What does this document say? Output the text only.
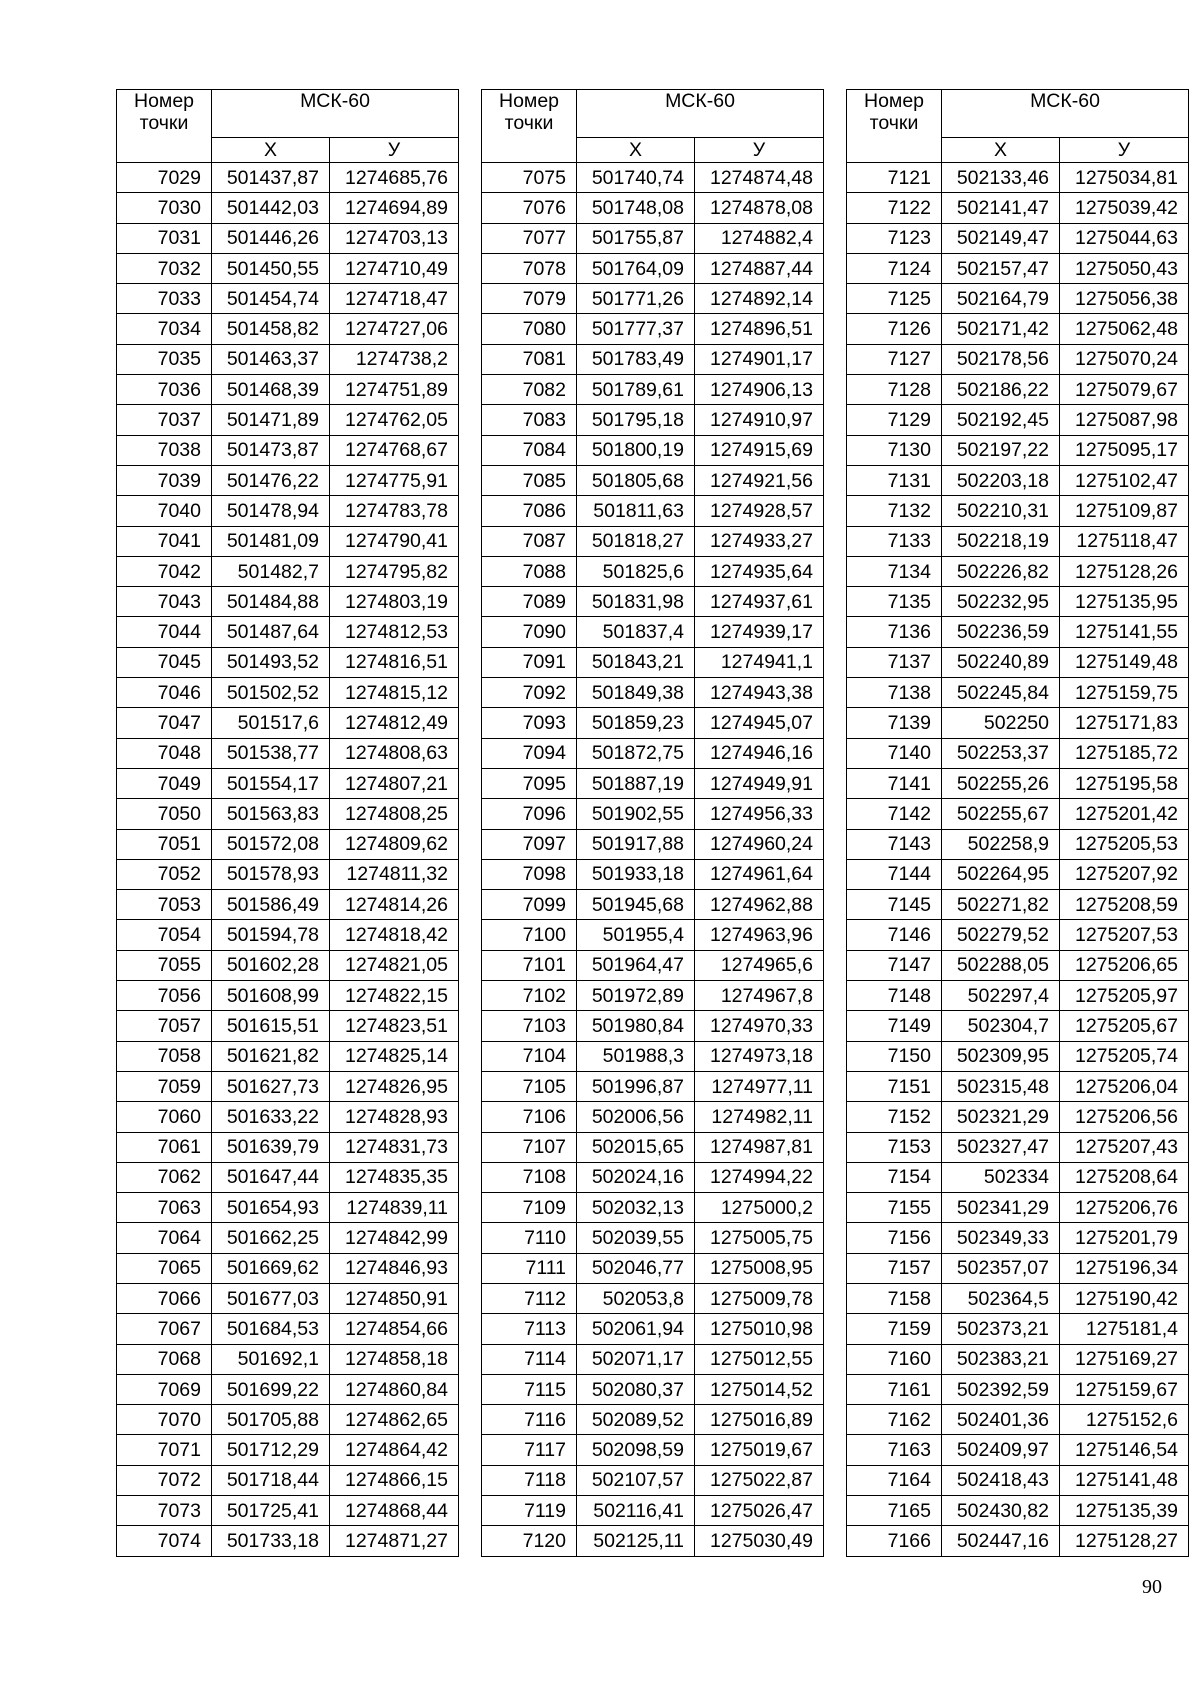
Номер
точки	МСК-60	
	X	У
7029	501437,87	1274685,76
7030	501442,03	1274694,89
7031	501446,26	1274703,13
7032	501450,55	1274710,49
7033	501454,74	1274718,47
7034	501458,82	1274727,06
7035	501463,37	1274738,2
7036	501468,39	1274751,89
7037	501471,89	1274762,05
7038	501473,87	1274768,67
7039	501476,22	1274775,91
7040	501478,94	1274783,78
7041	501481,09	1274790,41
7042	501482,7	1274795,82
7043	501484,88	1274803,19
7044	501487,64	1274812,53
7045	501493,52	1274816,51
7046	501502,52	1274815,12
7047	501517,6	1274812,49
7048	501538,77	1274808,63
7049	501554,17	1274807,21
7050	501563,83	1274808,25
7051	501572,08	1274809,62
7052	501578,93	1274811,32
7053	501586,49	1274814,26
7054	501594,78	1274818,42
7055	501602,28	1274821,05
7056	501608,99	1274822,15
7057	501615,51	1274823,51
7058	501621,82	1274825,14
7059	501627,73	1274826,95
7060	501633,22	1274828,93
7061	501639,79	1274831,73
7062	501647,44	1274835,35
7063	501654,93	1274839,11
7064	501662,25	1274842,99
7065	501669,62	1274846,93
7066	501677,03	1274850,91
7067	501684,53	1274854,66
7068	501692,1	1274858,18
7069	501699,22	1274860,84
7070	501705,88	1274862,65
7071	501712,29	1274864,42
7072	501718,44	1274866,15
7073	501725,41	1274868,44
7074	501733,18	1274871,27
Номер
точки	МСК-60	
	X	У
7075	501740,74	1274874,48
7076	501748,08	1274878,08
7077	501755,87	1274882,4
7078	501764,09	1274887,44
7079	501771,26	1274892,14
7080	501777,37	1274896,51
7081	501783,49	1274901,17
7082	501789,61	1274906,13
7083	501795,18	1274910,97
7084	501800,19	1274915,69
7085	501805,68	1274921,56
7086	501811,63	1274928,57
7087	501818,27	1274933,27
7088	501825,6	1274935,64
7089	501831,98	1274937,61
7090	501837,4	1274939,17
7091	501843,21	1274941,1
7092	501849,38	1274943,38
7093	501859,23	1274945,07
7094	501872,75	1274946,16
7095	501887,19	1274949,91
7096	501902,55	1274956,33
7097	501917,88	1274960,24
7098	501933,18	1274961,64
7099	501945,68	1274962,88
7100	501955,4	1274963,96
7101	501964,47	1274965,6
7102	501972,89	1274967,8
7103	501980,84	1274970,33
7104	501988,3	1274973,18
7105	501996,87	1274977,11
7106	502006,56	1274982,11
7107	502015,65	1274987,81
7108	502024,16	1274994,22
7109	502032,13	1275000,2
7110	502039,55	1275005,75
7111	502046,77	1275008,95
7112	502053,8	1275009,78
7113	502061,94	1275010,98
7114	502071,17	1275012,55
7115	502080,37	1275014,52
7116	502089,52	1275016,89
7117	502098,59	1275019,67
7118	502107,57	1275022,87
7119	502116,41	1275026,47
7120	502125,11	1275030,49
Номер
точки	МСК-60	
	X	У
7121	502133,46	1275034,81
7122	502141,47	1275039,42
7123	502149,47	1275044,63
7124	502157,47	1275050,43
7125	502164,79	1275056,38
7126	502171,42	1275062,48
7127	502178,56	1275070,24
7128	502186,22	1275079,67
7129	502192,45	1275087,98
7130	502197,22	1275095,17
7131	502203,18	1275102,47
7132	502210,31	1275109,87
7133	502218,19	1275118,47
7134	502226,82	1275128,26
7135	502232,95	1275135,95
7136	502236,59	1275141,55
7137	502240,89	1275149,48
7138	502245,84	1275159,75
7139	502250	1275171,83
7140	502253,37	1275185,72
7141	502255,26	1275195,58
7142	502255,67	1275201,42
7143	502258,9	1275205,53
7144	502264,95	1275207,92
7145	502271,82	1275208,59
7146	502279,52	1275207,53
7147	502288,05	1275206,65
7148	502297,4	1275205,97
7149	502304,7	1275205,67
7150	502309,95	1275205,74
7151	502315,48	1275206,04
7152	502321,29	1275206,56
7153	502327,47	1275207,43
7154	502334	1275208,64
7155	502341,29	1275206,76
7156	502349,33	1275201,79
7157	502357,07	1275196,34
7158	502364,5	1275190,42
7159	502373,21	1275181,4
7160	502383,21	1275169,27
7161	502392,59	1275159,67
7162	502401,36	1275152,6
7163	502409,97	1275146,54
7164	502418,43	1275141,48
7165	502430,82	1275135,39
7166	502447,16	1275128,27
90
